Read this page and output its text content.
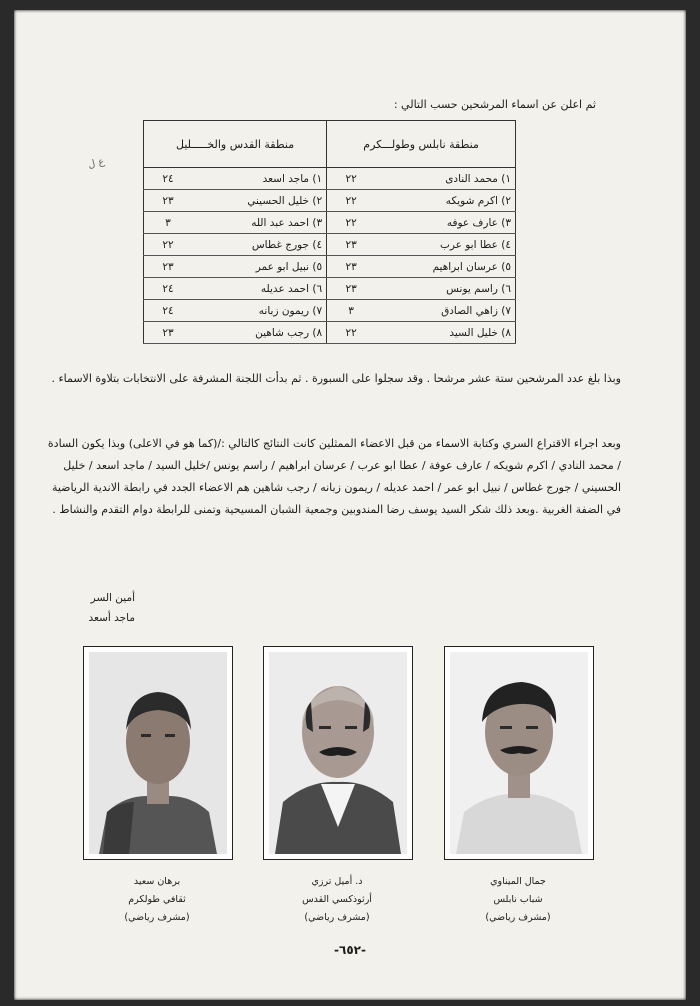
ثم اعلن عن اسماء المرشحين حسب التالي :
ع ل
منطقة نابلس وطولـــكرم		منطقة القدس والخـــــليل	
١) محمد النادى	٢٢	١) ماجد اسعد	٢٤
٢) اكرم شويكه	٢٢	٢) خليل الحسيني	٢٣
٣) عارف عوفه	٢٢	٣) احمد عبد الله	٣
٤) عطا ابو عرب	٢٣	٤) جورج غطاس	٢٢
٥) عرسان ابراهيم	٢٣	٥) نبيل ابو عمر	٢٣
٦) راسم يونس	٢٣	٦) احمد عديله	٢٤
٧) زاهي الصادق	٣	٧) ريمون زبانه	٢٤
٨) خليل السيد	٢٢	٨) رجب شاهين	٢٣
وبذا بلغ عدد المرشحين ستة عشر مرشحا . وقد سجلوا على السبورة . ثم بدأت اللجنة المشرفة على الانتخابات بتلاوة الاسماء .
وبعد اجراء الاقتراع السري وكتابة الاسماء من قبل الاعضاء الممثلين كانت النتائج كالتالي :/(كما هو في الاعلى) وبذا يكون السادة / محمد النادي / اكرم شويكه / عارف عوفة / عطا ابو عرب / عرسان ابراهيم / راسم يونس /خليل السيد / ماجد اسعد / خليل الحسيني / جورج غطاس / نبيل ابو عمر / احمد عديله / ريمون زبانه / رجب شاهين هم الاعضاء الجدد في رابطة الاندية الرياضية في الضفة الغربية .وبعد ذلك شكر السيد يوسف رضا المندوبين وجمعية الشبان المسيحية وتمنى للرابطة دوام التقدم والنشاط .
أمين السر
ماجد أسعد
برهان سعيد
ثقافي طولكرم
(مشرف رياضي)
د. أميل ترزي
أرثوذكسي القدس
(مشرف رياضي)
جمال الميناوي
شباب نابلس
(مشرف رياضي)
-٦٥٢-
